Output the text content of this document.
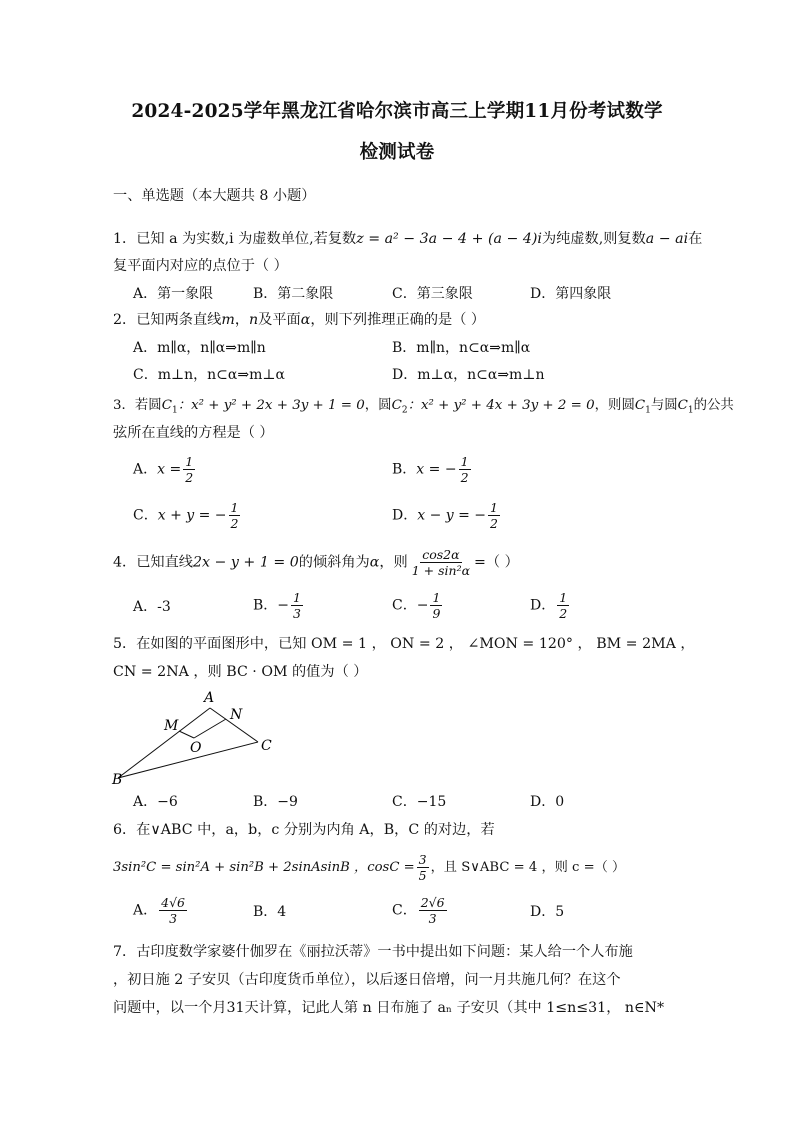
2024-2025学年黑龙江省哈尔滨市高三上学期11月份考试数学
检测试卷
一、单选题（本大题共 8 小题）
1．已知 a 为实数,i 为虚数单位,若复数z = a² − 3a − 4 + (a − 4)i为纯虚数,则复数a − ai在
复平面内对应的点位于（ ）
A．第一象限	B．第二象限	C．第三象限	D．第四象限
2．已知两条直线m，n及平面α，则下列推理正确的是（ ）
A．m∥α，n∥α⇒m∥n	B．m∥n，n⊂α⇒m∥α
C．m⊥n，n⊂α⇒m⊥α	D．m⊥α，n⊂α⇒m⊥n
3．若圆$C_1$：x² + y² + 2x + 3y + 1 = 0，圆$C_2$：x² + y² + 4x + 3y + 2 = 0，则圆$C_1$与圆$C_1$的公共
弦所在直线的方程是（ ）
A．$x = \frac{1}{2}$	B．x = − $\frac{1}{2}$
C．x + y = − $\frac{1}{2}$	D．x − y = − $\frac{1}{2}$
4．已知直线2x − y + 1 = 0的倾斜角为α，则 $\frac{\cos 2\alpha}{\text{1 + sin²α}}$ =（ ）
A．-3	B．− $\frac{1}{3}$	C．− $\frac{1}{9}$	D． $\frac{1}{2}$
5．在如图的平面图形中，已知 OM = 1 ， ON = 2 ， ∠MON = 120° ， BM = 2MA ，
CN = 2NA ，则 BC · OM 的值为（ ）
A
M
N
O	C
B
A．−6	B．−9	C．−15	D．0
6．在∨ABC 中，a，b，c 分别为内角 A，B，C 的对边，若
3sin²C = sin²A + sin²B + 2sinAsinB ，$\cos C = \frac{3}{5}$ ，且 S∨ABC = 4 ，则 c =（ ）
A． $\frac{4√6}{3}$	B．4	C． $\frac{2√6}{3}$	D．5
7．古印度数学家婆什伽罗在《丽拉沃蒂》一书中提出如下问题：某人给一个人布施
，初日施 2 子安贝（古印度货币单位），以后逐日倍增，问一月共施几何？在这个
问题中，以一个月31天计算，记此人第 n 日布施了 aₙ 子安贝（其中 1≤n≤31， n∈N*
